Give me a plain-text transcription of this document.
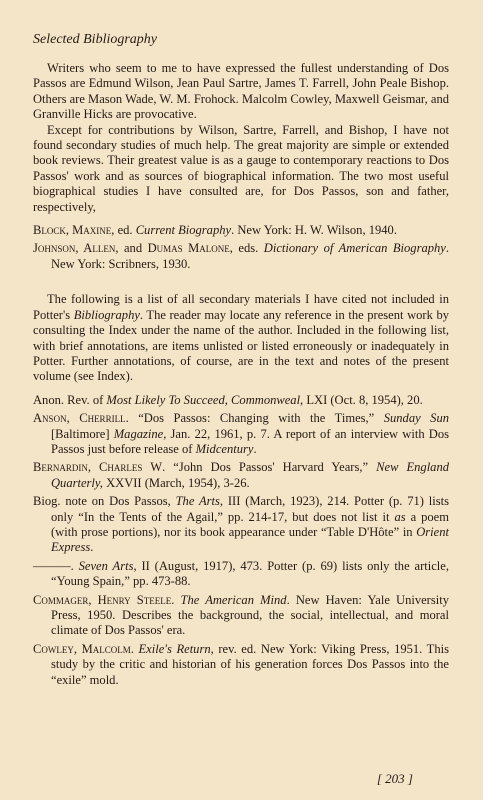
Selected Bibliography

Writers who seem to me to have expressed the fullest understanding of Dos Passos are Edmund Wilson, Jean Paul Sartre, James T. Farrell, John Peale Bishop. Others are Mason Wade, W. M. Frohock. Malcolm Cowley, Maxwell Geismar, and Granville Hicks are provocative.

Except for contributions by Wilson, Sartre, Farrell, and Bishop, I have not found secondary studies of much help. The great majority are simple or extended book reviews. Their greatest value is as a gauge to contemporary reactions to Dos Passos' work and as sources of biographical information. The two most useful biographical studies I have consulted are, for Dos Passos, son and father, respectively,

Block, Maxine, ed. Current Biography. New York: H. W. Wilson, 1940.
Johnson, Allen, and Dumas Malone, eds. Dictionary of American Biography. New York: Scribners, 1930.

The following is a list of all secondary materials I have cited not included in Potter's Bibliography. The reader may locate any reference in the present work by consulting the Index under the name of the author. Included in the following list, with brief annotations, are items unlisted or listed erroneously or inadequately in Potter. Further annotations, of course, are in the text and notes of the present volume (see Index).

Anon. Rev. of Most Likely To Succeed, Commonweal, LXI (Oct. 8, 1954), 20.
Anson, Cherrill. “Dos Passos: Changing with the Times,” Sunday Sun [Baltimore] Magazine, Jan. 22, 1961, p. 7. A report of an interview with Dos Passos just before release of Midcentury.
Bernardin, Charles W. “John Dos Passos' Harvard Years,” New England Quarterly, XXVII (March, 1954), 3-26.
Biog. note on Dos Passos, The Arts, III (March, 1923), 214. Potter (p. 71) lists only “In the Tents of the Agail,” pp. 214-17, but does not list it as a poem (with prose portions), nor its book appearance under “Table D'Hôte” in Orient Express.
———. Seven Arts, II (August, 1917), 473. Potter (p. 69) lists only the article, “Young Spain,” pp. 473-88.
Commager, Henry Steele. The American Mind. New Haven: Yale University Press, 1950. Describes the background, the social, intellectual, and moral climate of Dos Passos' era.
Cowley, Malcolm. Exile's Return, rev. ed. New York: Viking Press, 1951. This study by the critic and historian of his generation forces Dos Passos into the “exile” mold.
[ 203 ]
